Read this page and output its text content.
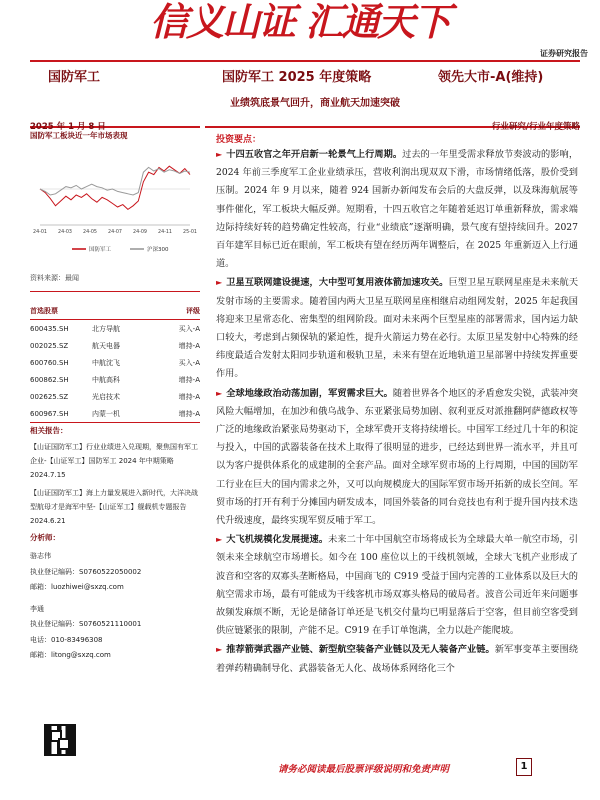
信义山证 汇通天下
证券研究报告
国防军工	国防军工 2025 年度策略	领先大市-A(维持)
业绩筑底景气回升，商业航天加速突破
2025 年 1 月 8 日	行业研究/行业年度策略
国防军工板块近一年市场表现
24-01 24-03 24-05 24-07 24-09 24-11 25-01
国防军工	沪深300
资料来源：最闻
首选股票	评级
600435.SH	北方导航	买入-A
002025.SZ	航天电器	增持-A
600760.SH	中航沈飞	买入-A
600862.SH	中航高科	增持-A
002625.SZ	光启技术	增持-A
600967.SH	内蒙一机	增持-A
相关报告：
【山证国防军工】行业业绩进入兑现期，聚焦国有军工企业-【山证军工】国防军工 2024 年中期策略 2024.7.15
【山证国防军工】海上力量发展进入新时代，大洋决战型航母才是海军中坚-【山证军工】舰载机专题报告 2024.6.21
分析师：
骆志伟
执业登记编码：S0760522050002
邮箱：luozhiwei@sxzq.com
李通
执业登记编码：S0760521110001
电话：010-83496308
邮箱：litong@sxzq.com
投资要点：

► 十四五收官之年开启新一轮景气上行周期。过去的一年里受需求释放节奏波动的影响，2024 年前三季度军工企业业绩承压，营收利润出现双双下滑，市场情绪低落，股价受到压制。2024 年 9 月以来，随着 924 国新办新闻发布会后的大盘反弹，以及珠海航展等事件催化，军工板块大幅反弹。短期看，十四五收官之年随着延迟订单重新释放，需求端边际持续好转的趋势确定性较高，行业“业绩底”逐渐明确，景气度有望持续回升。2027 百年建军目标已近在眼前，军工板块有望在经历两年调整后，在 2025 年重新迈入上行通道。

► 卫星互联网建设提速，大中型可复用液体箭加速攻关。巨型卫星互联网星座是未来航天发射市场的主要需求。随着国内两大卫星互联网星座相继启动组网发射，2025 年起我国将迎来卫星常态化、密集型的组网阶段。面对未来两个巨型星座的部署需求，国内运力缺口较大，考虑到占频保轨的紧迫性，提升火箭运力势在必行。太原卫星发射中心特殊的经纬度最适合发射太阳同步轨道和极轨卫星，未来有望在近地轨道卫星部署中持续发挥重要作用。

► 全球地缘政治动荡加剧，军贸需求巨大。随着世界各个地区的矛盾愈发尖锐，武装冲突风险大幅增加，在加沙和俄乌战争、东亚紧张局势加剧、叙利亚反对派推翻阿萨德政权等广泛的地缘政治紧张局势驱动下，全球军费开支将持续增长。中国军工经过几十年的积淀与投入，中国的武器装备在技术上取得了很明显的进步，已经达到世界一流水平，并且可以为客户提供体系化的成建制的全套产品。面对全球军贸市场的上行周期，中国的国防军工行业在巨大的国内需求之外，又可以向规模庞大的国际军贸市场开拓新的成长空间。军贸市场的打开有利于分摊国内研发成本，同国外装备的同台竞技也有利于提升国内技术迭代升级速度，最终实现军贸反哺于军工。

► 大飞机规模化发展提速。未来二十年中国航空市场将成长为全球最大单一航空市场，引领未来全球航空市场增长。如今在 100 座位以上的干线机领域，全球大飞机产业形成了波音和空客的双寡头垄断格局，中国商飞的 C919 受益于国内完善的工业体系以及巨大的航空需求市场，最有可能成为干线客机市场双寡头格局的破局者。波音公司近年来问题事故频发麻烦不断，无论是储备订单还是飞机交付量均已明显落后于空客，但目前空客受到供应链紧张的限制，产能不足。C919 在手订单饱满，全力以赴产能爬坡。

► 推荐箭弹武器产业链、新型航空装备产业链以及无人装备产业链。新军事变革主要围绕着弹药精确制导化、武器装备无人化、战场体系网络化三个

请务必阅读最后股票评级说明和免责声明	1
